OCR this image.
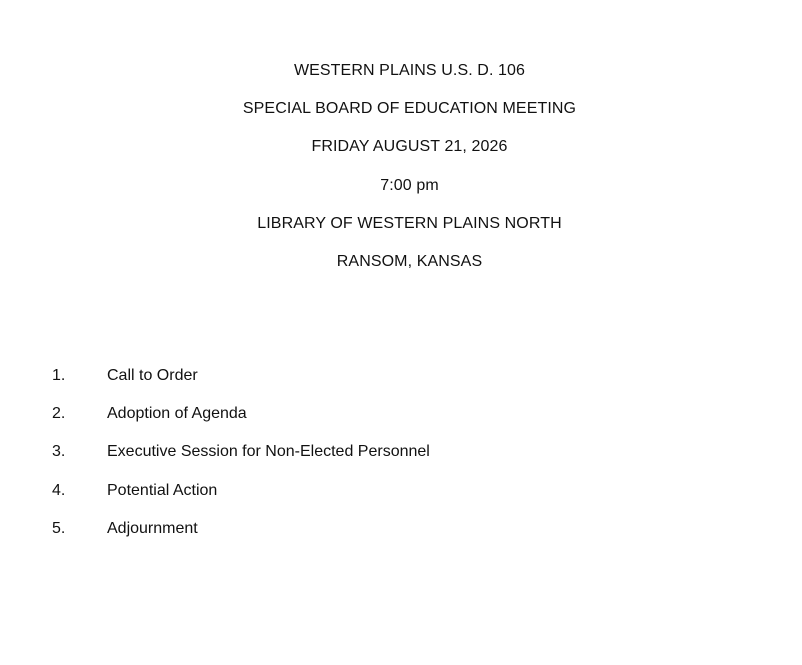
WESTERN PLAINS U.S. D. 106
SPECIAL BOARD OF EDUCATION MEETING
FRIDAY AUGUST 21, 2026
7:00 pm
LIBRARY OF WESTERN PLAINS NORTH
RANSOM, KANSAS
1.	Call to Order
2.	Adoption of Agenda
3.	Executive Session for Non-Elected Personnel
4.	Potential Action
5.	Adjournment
